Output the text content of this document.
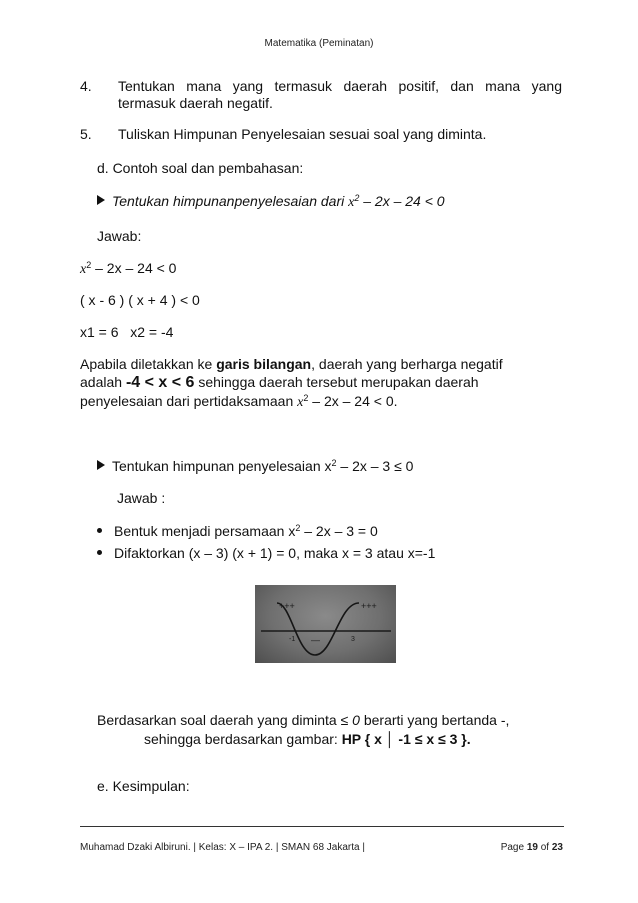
Matematika (Peminatan)
4. Tentukan mana yang termasuk daerah positif, dan mana yang
termasuk daerah negatif.
5. Tuliskan Himpunan Penyelesaian sesuai soal yang diminta.
d. Contoh soal dan pembahasan:
Tentukan himpunanpenyelesaian dari $x^2 - 2x - 24 < 0$
Jawab:
$x^2 - 2x - 24 < 0$
( x - 6 ) ( x + 4 ) < 0
x1 = 6   x2 = -4
Apabila diletakkan ke garis bilangan, daerah yang berharga negatif
adalah -4 < x < 6 sehingga daerah tersebut merupakan daerah
penyelesaian dari pertidaksamaan $x^2 - 2x - 24 < 0$.
Tentukan himpunan penyelesaian $x^2 - 2x - 3 \le 0$
Jawab :
Bentuk menjadi persamaan $x^2 - 2x - 3 = 0$
Difaktorkan (x – 3) (x + 1) = 0, maka x = 3 atau x=-1
+++	+++
—
-1	3
Berdasarkan soal daerah yang diminta ≤ 0 berarti yang bertanda -,
sehingga berdasarkan gambar: HP { x │ -1 ≤ x ≤ 3 }.
e. Kesimpulan:
Muhamad Dzaki Albiruni. | Kelas: X – IPA 2. | SMAN 68 Jakarta |	Page 19 of 23
